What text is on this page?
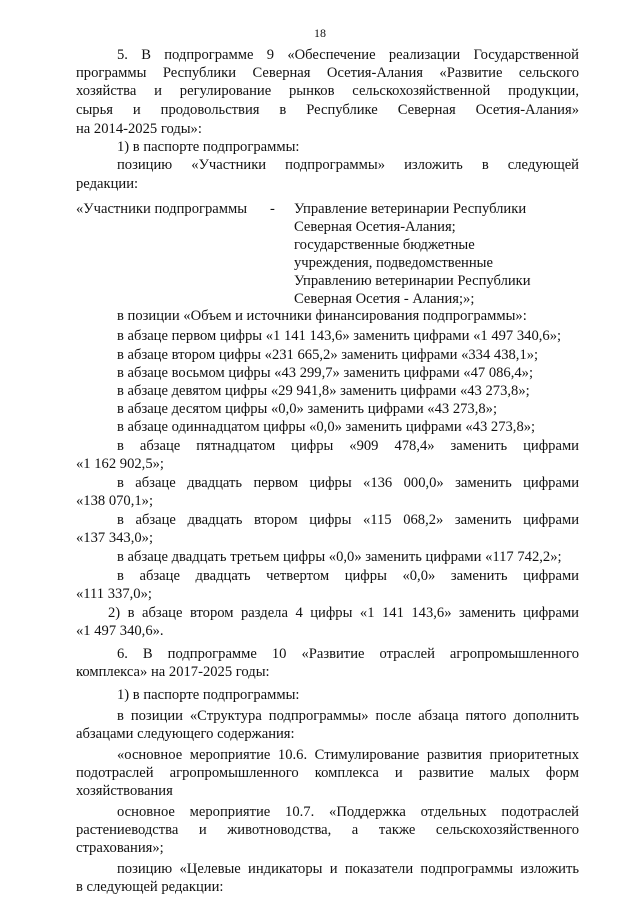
18
5. В подпрограмме 9 «Обеспечение реализации Государственной
программы Республики Северная Осетия-Алания «Развитие сельского
хозяйства и регулирование рынков сельскохозяйственной продукции,
сырья и продовольствия в Республике Северная Осетия-Алания»
на 2014-2025 годы»:
1) в паспорте подпрограммы:
позицию «Участники подпрограммы» изложить в следующей
редакции:
«Участники подпрограммы - Управление ветеринарии Республики
Северная Осетия-Алания;
государственные бюджетные
учреждения, подведомственные
Управлению ветеринарии Республики
Северная Осетия - Алания;»;
в позиции «Объем и источники финансирования подпрограммы»:
в абзаце первом цифры «1 141 143,6» заменить цифрами «1 497 340,6»;
в абзаце втором цифры «231 665,2» заменить цифрами «334 438,1»;
в абзаце восьмом цифры «43 299,7» заменить цифрами «47 086,4»;
в абзаце девятом цифры «29 941,8» заменить цифрами «43 273,8»;
в абзаце десятом цифры «0,0» заменить цифрами «43 273,8»;
в абзаце одиннадцатом цифры «0,0» заменить цифрами «43 273,8»;
в абзаце пятнадцатом цифры «909 478,4» заменить цифрами
«1 162 902,5»;
в абзаце двадцать первом цифры «136 000,0» заменить цифрами
«138 070,1»;
в абзаце двадцать втором цифры «115 068,2» заменить цифрами
«137 343,0»;
в абзаце двадцать третьем цифры «0,0» заменить цифрами «117 742,2»;
в абзаце двадцать четвертом цифры «0,0» заменить цифрами
«111 337,0»;
2) в абзаце втором раздела 4 цифры «1 141 143,6» заменить цифрами
«1 497 340,6».
6. В подпрограмме 10 «Развитие отраслей агропромышленного
комплекса» на 2017-2025 годы:
1) в паспорте подпрограммы:
в позиции «Структура подпрограммы» после абзаца пятого дополнить
абзацами следующего содержания:
«основное мероприятие 10.6. Стимулирование развития приоритетных
подотраслей агропромышленного комплекса и развитие малых форм
хозяйствования
основное мероприятие 10.7. «Поддержка отдельных подотраслей
растениеводства и животноводства, а также сельскохозяйственного
страхования»;
позицию «Целевые индикаторы и показатели подпрограммы изложить
в следующей редакции:
